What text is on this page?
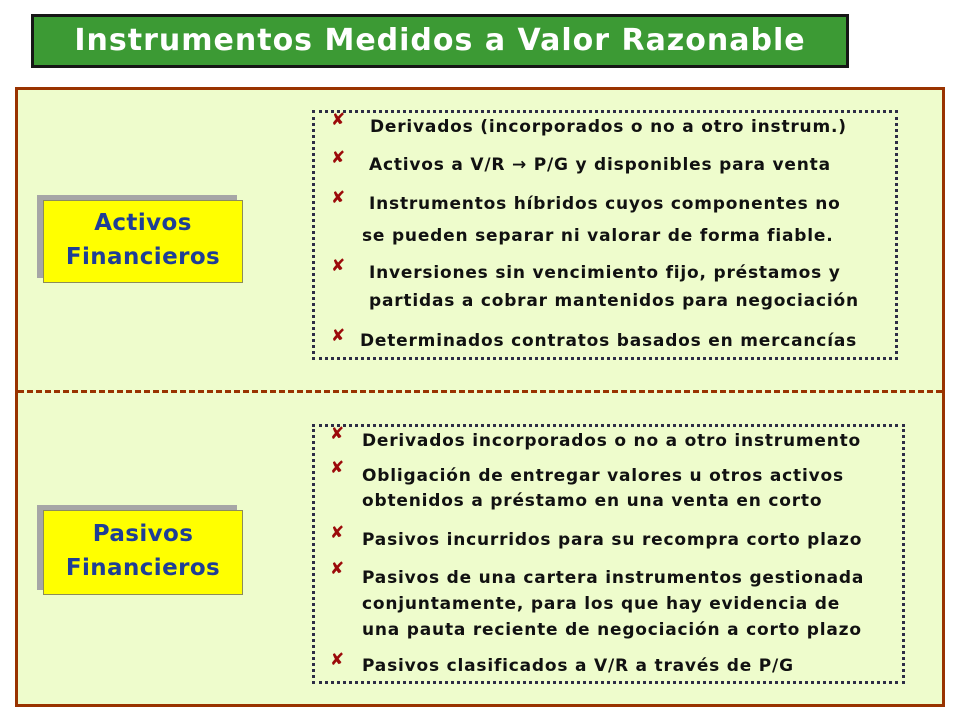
Instrumentos Medidos a Valor Razonable
Activos
Financieros
✘
Derivados (incorporados o no a otro instrum.)
✘
Activos a V/R → P/G y disponibles para venta
✘
Instrumentos híbridos cuyos componentes no
se pueden separar ni valorar de forma fiable.
✘
Inversiones sin vencimiento fijo, préstamos y
partidas a cobrar mantenidos para negociación
✘
Determinados contratos basados en mercancías
Pasivos
Financieros
✘
Derivados incorporados o no a otro instrumento
✘
Obligación de entregar valores u otros activos
obtenidos a préstamo en una venta en corto
✘
Pasivos incurridos para su recompra corto plazo
✘
Pasivos de una cartera instrumentos gestionada
conjuntamente, para los que hay evidencia de
una pauta reciente de negociación a corto plazo
✘
Pasivos clasificados a V/R a través de P/G
